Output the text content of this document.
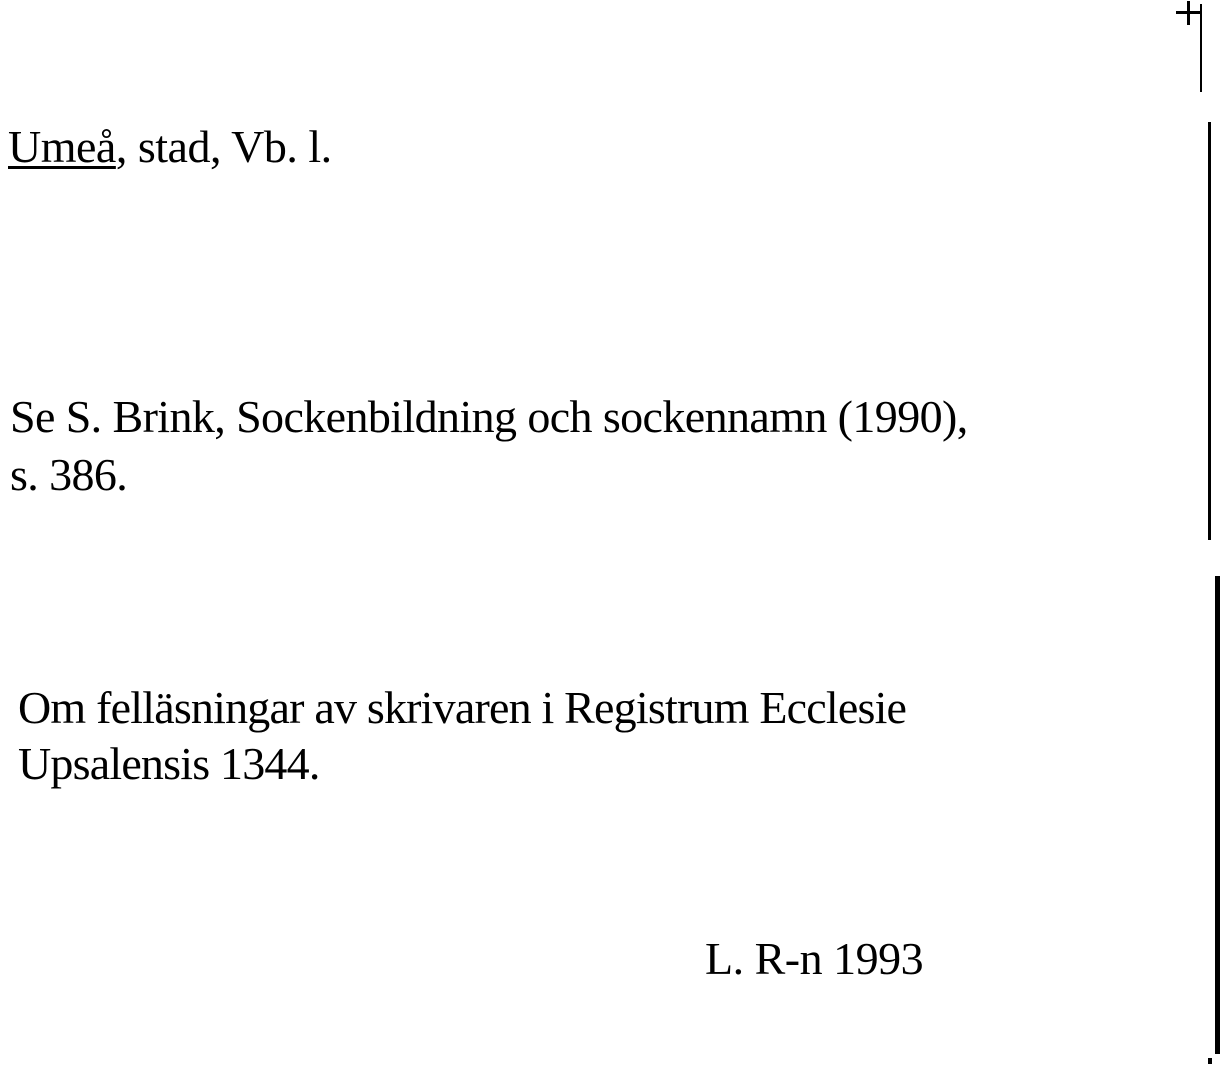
Umeå, stad, Vb. l.
Se S. Brink, Sockenbildning och sockennamn (1990),
s. 386.
Om felläsningar av skrivaren i Registrum Ecclesie
Upsalensis 1344.
L. R-n 1993
